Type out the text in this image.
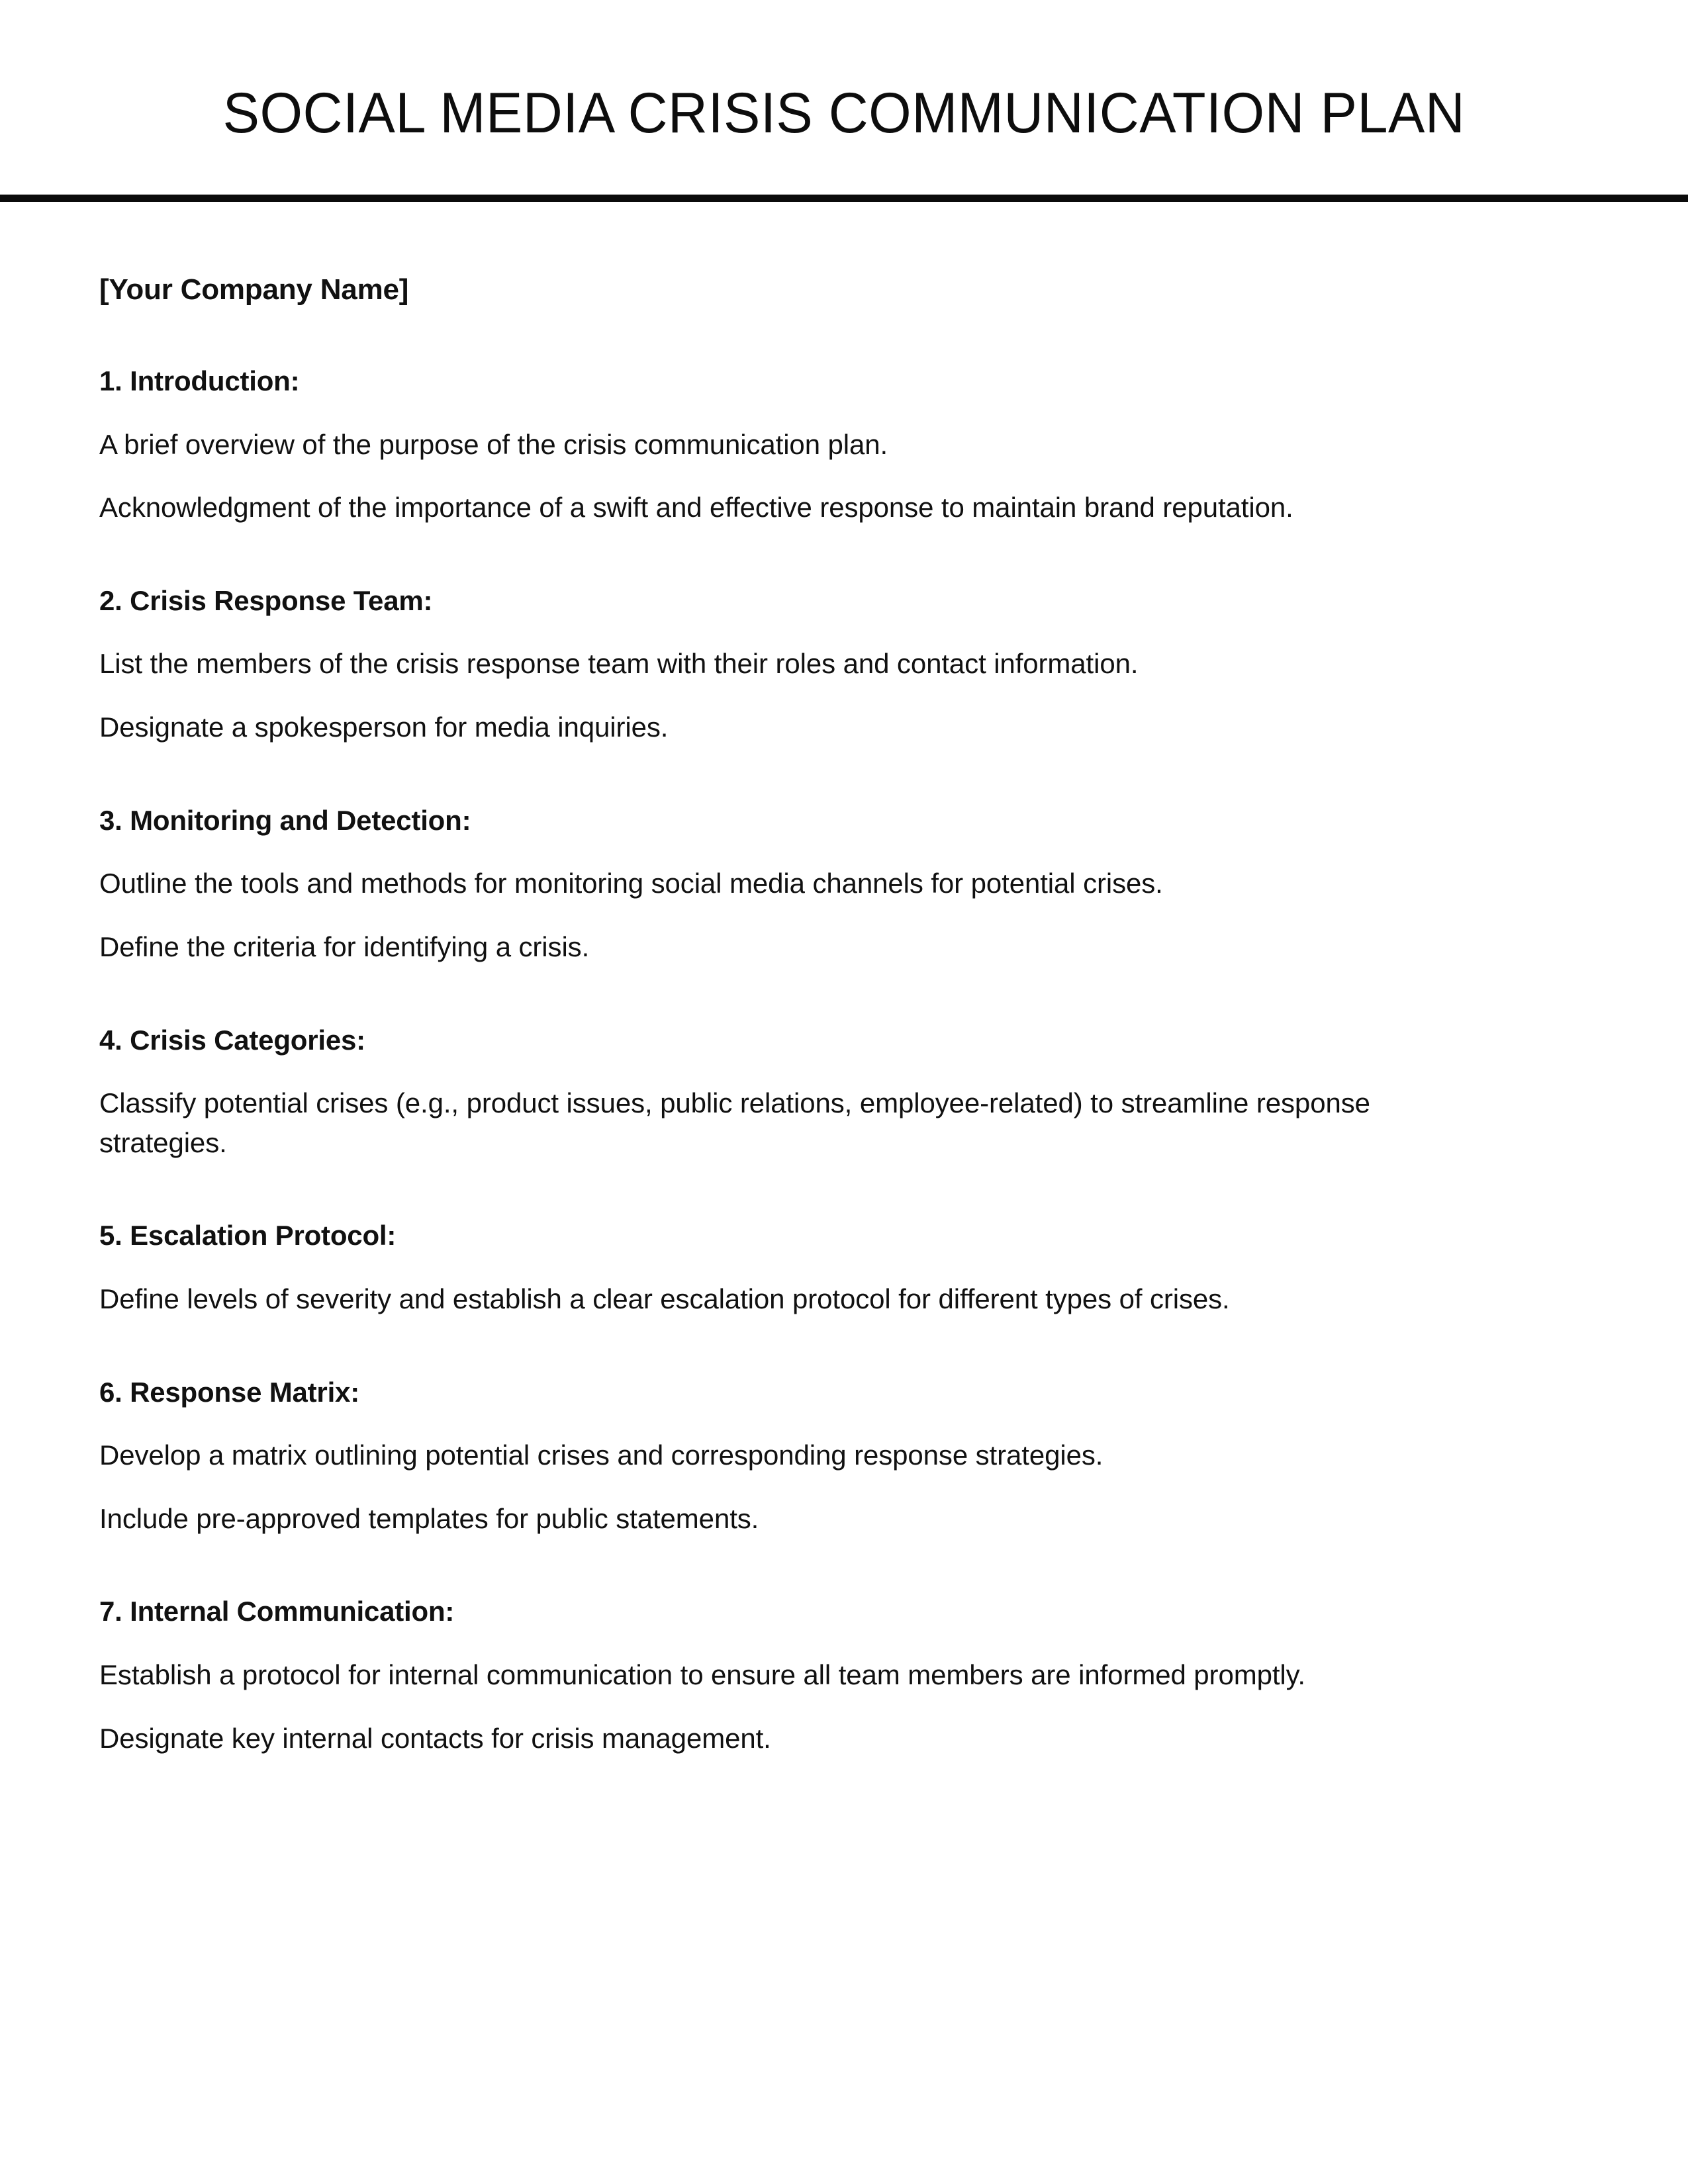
SOCIAL MEDIA CRISIS COMMUNICATION PLAN

[Your Company Name]

1. Introduction:

A brief overview of the purpose of the crisis communication plan.

Acknowledgment of the importance of a swift and effective response to maintain brand reputation.

2. Crisis Response Team:

List the members of the crisis response team with their roles and contact information.

Designate a spokesperson for media inquiries.

3. Monitoring and Detection:

Outline the tools and methods for monitoring social media channels for potential crises.

Define the criteria for identifying a crisis.

4. Crisis Categories:

Classify potential crises (e.g., product issues, public relations, employee-related) to streamline response strategies.

5. Escalation Protocol:

Define levels of severity and establish a clear escalation protocol for different types of crises.

6. Response Matrix:

Develop a matrix outlining potential crises and corresponding response strategies.

Include pre-approved templates for public statements.

7. Internal Communication:

Establish a protocol for internal communication to ensure all team members are informed promptly.

Designate key internal contacts for crisis management.
